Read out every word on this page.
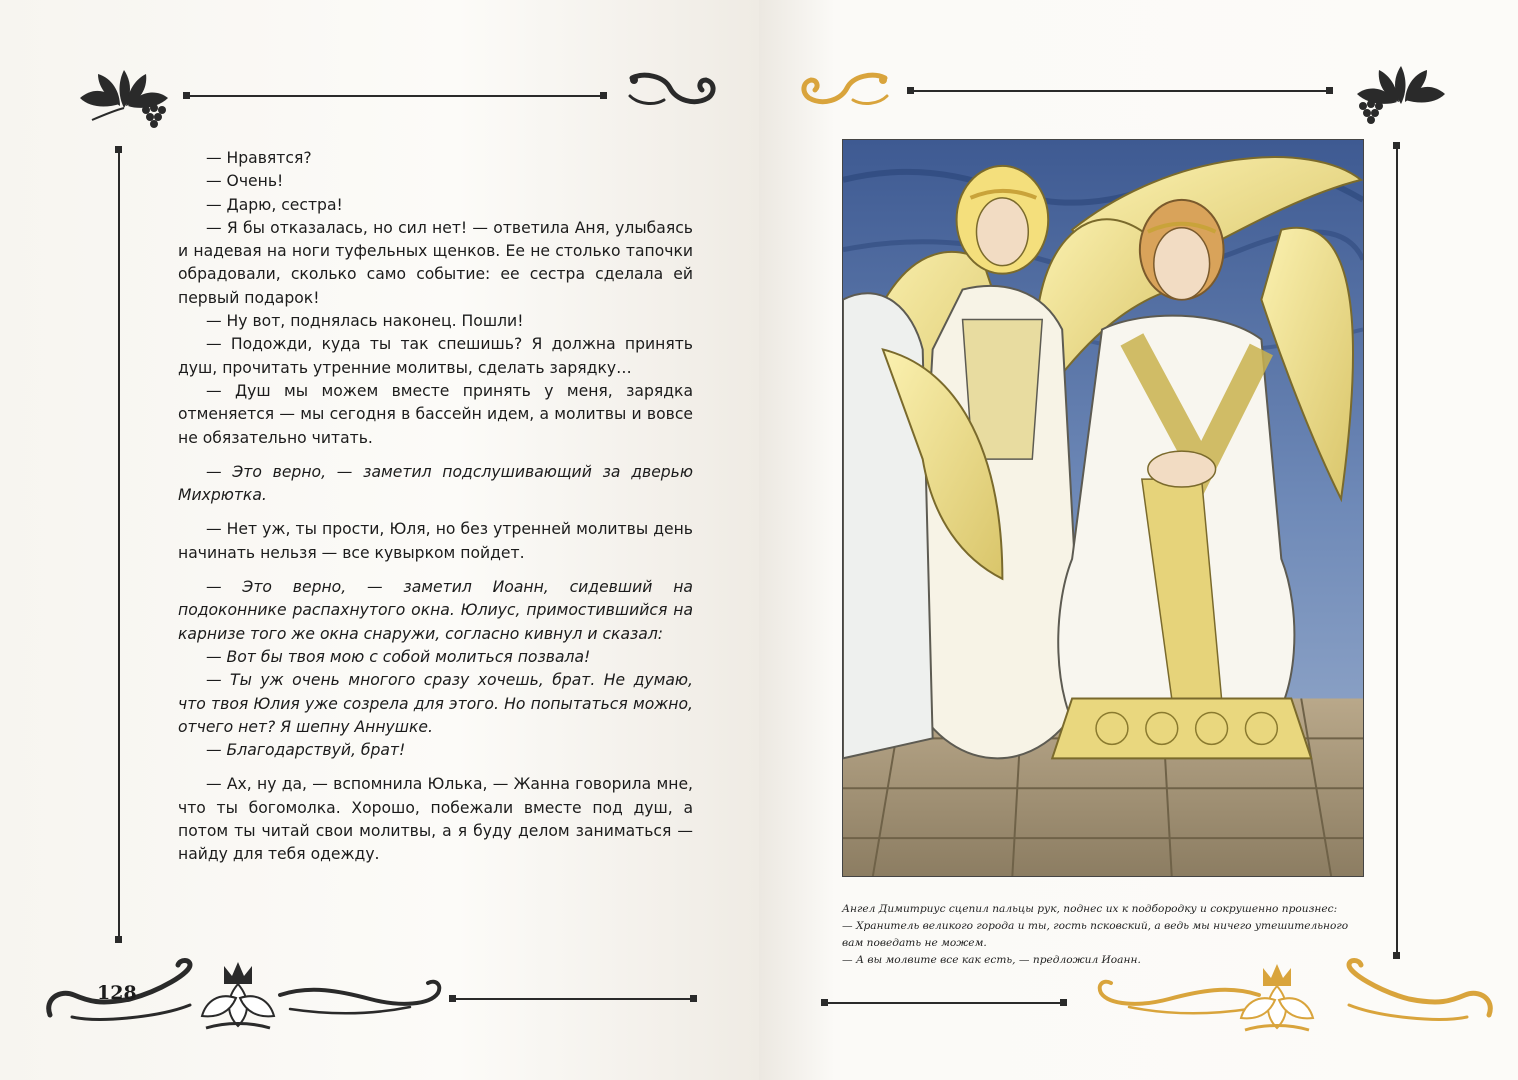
— Нравятся?

— Очень!

— Дарю, сестра!

— Я бы отказалась, но сил нет! — ответила Аня, улыбаясь и надевая на ноги туфельных щенков. Ее не столько тапочки обрадовали, сколько само событие: ее сестра сделала ей первый подарок!

— Ну вот, поднялась наконец. Пошли!

— Подожди, куда ты так спешишь? Я должна принять душ, прочитать утренние молитвы, сделать зарядку…

— Душ мы можем вместе принять у меня, зарядка отменяется — мы сегодня в бассейн идем, а молитвы и вовсе не обязательно читать.

— Это верно, — заметил подслушивающий за дверью Михрютка.

— Нет уж, ты прости, Юля, но без утренней молитвы день начинать нельзя — все кувырком пойдет.

— Это верно, — заметил Иоанн, сидевший на подоконнике распахнутого окна. Юлиус, примостившийся на карнизе того же окна снаружи, согласно кивнул и сказал:

— Вот бы твоя мою с собой молиться позвала!

— Ты уж очень многого сразу хочешь, брат. Не думаю, что твоя Юлия уже созрела для этого. Но попытаться можно, отчего нет? Я шепну Аннушке.

— Благодарствуй, брат!

— Ах, ну да, — вспомнила Юлька, — Жанна говорила мне, что ты богомолка. Хорошо, побежали вместе под душ, а потом ты читай свои молитвы, а я буду делом заниматься — найду для тебя одежду.

128

Ангел Димитриус сцепил пальцы рук, поднес их к подбородку и сокрушенно произнес:

— Хранитель великого города и ты, гость псковский, а ведь мы ничего утешительного вам поведать не можем.

— А вы молвите все как есть, — предложил Иоанн.
